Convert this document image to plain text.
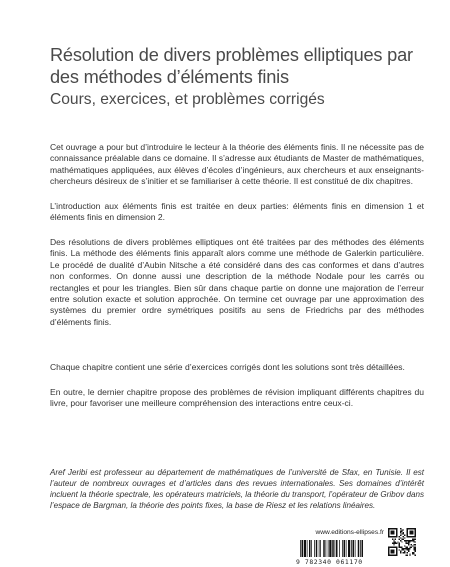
Résolution de divers problèmes elliptiques par des méthodes d’éléments finis
Cours, exercices, et problèmes corrigés

Cet ouvrage a pour but d’introduire le lecteur à la théorie des éléments finis. Il ne nécessite pas de connaissance préalable dans ce domaine. Il s’adresse aux étudiants de Master de mathématiques, mathématiques appliquées, aux élèves d’écoles d’ingénieurs, aux chercheurs et aux enseignants-chercheurs désireux de s’initier et se familiariser à cette théorie. Il est constitué de dix chapitres.

L’introduction aux éléments finis est traitée en deux parties: éléments finis en dimension 1 et éléments finis en dimension 2.

Des résolutions de divers problèmes elliptiques ont été traitées par des méthodes des éléments finis. La méthode des éléments finis apparaît alors comme une méthode de Galerkin particulière. Le procédé de dualité d’Aubin Nitsche a été considéré dans des cas conformes et dans d’autres non conformes. On donne aussi une description de la méthode Nodale pour les carrés ou rectangles et pour les triangles. Bien sûr dans chaque partie on donne une majoration de l’erreur entre solution exacte et solution approchée. On termine cet ouvrage par une approximation des systèmes du premier ordre symétriques positifs au sens de Friedrichs par des méthodes d’éléments finis.

Chaque chapitre contient une série d’exercices corrigés dont les solutions sont très détaillées.

En outre, le dernier chapitre propose des problèmes de révision impliquant différents chapitres du livre, pour favoriser une meilleure compréhension des interactions entre ceux-ci.

Aref Jeribi est professeur au département de mathématiques de l’université de Sfax, en Tunisie. Il est l’auteur de nombreux ouvrages et d’articles dans des revues internationales. Ses domaines d’intérêt incluent la théorie spectrale, les opérateurs matriciels, la théorie du transport, l’opérateur de Gribov dans l’espace de Bargman, la théorie des points fixes, la base de Riesz et les relations linéaires.

www.editions-ellipses.fr
9 782340 061170
